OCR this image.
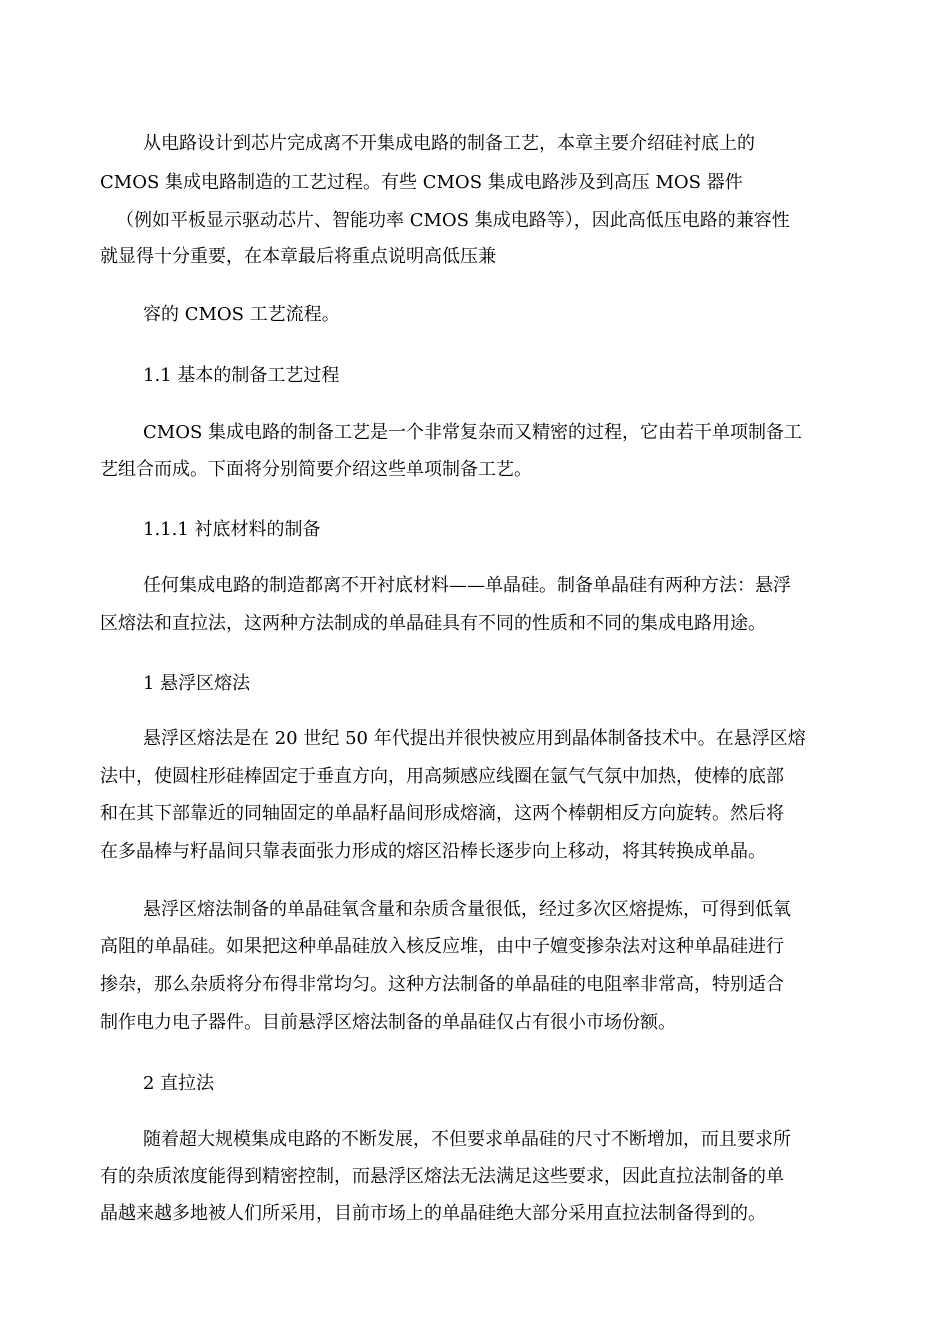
从电路设计到芯片完成离不开集成电路的制备工艺，本章主要介绍硅衬底上的
CMOS 集成电路制造的工艺过程。有些 CMOS 集成电路涉及到高压 MOS 器件
（例如平板显示驱动芯片、智能功率 CMOS 集成电路等），因此高低压电路的兼容性
就显得十分重要，在本章最后将重点说明高低压兼
容的 CMOS 工艺流程。
1.1 基本的制备工艺过程
CMOS 集成电路的制备工艺是一个非常复杂而又精密的过程，它由若干单项制备工
艺组合而成。下面将分别简要介绍这些单项制备工艺。
1.1.1 衬底材料的制备
任何集成电路的制造都离不开衬底材料——单晶硅。制备单晶硅有两种方法：悬浮
区熔法和直拉法，这两种方法制成的单晶硅具有不同的性质和不同的集成电路用途。
1 悬浮区熔法
悬浮区熔法是在 20 世纪 50 年代提出并很快被应用到晶体制备技术中。在悬浮区熔
法中，使圆柱形硅棒固定于垂直方向，用高频感应线圈在氩气气氛中加热，使棒的底部
和在其下部靠近的同轴固定的单晶籽晶间形成熔滴，这两个棒朝相反方向旋转。然后将
在多晶棒与籽晶间只靠表面张力形成的熔区沿棒长逐步向上移动，将其转换成单晶。
悬浮区熔法制备的单晶硅氧含量和杂质含量很低，经过多次区熔提炼，可得到低氧
高阻的单晶硅。如果把这种单晶硅放入核反应堆，由中子嬗变掺杂法对这种单晶硅进行
掺杂，那么杂质将分布得非常均匀。这种方法制备的单晶硅的电阻率非常高，特别适合
制作电力电子器件。目前悬浮区熔法制备的单晶硅仅占有很小市场份额。
2 直拉法
随着超大规模集成电路的不断发展，不但要求单晶硅的尺寸不断增加，而且要求所
有的杂质浓度能得到精密控制，而悬浮区熔法无法满足这些要求，因此直拉法制备的单
晶越来越多地被人们所采用，目前市场上的单晶硅绝大部分采用直拉法制备得到的。
